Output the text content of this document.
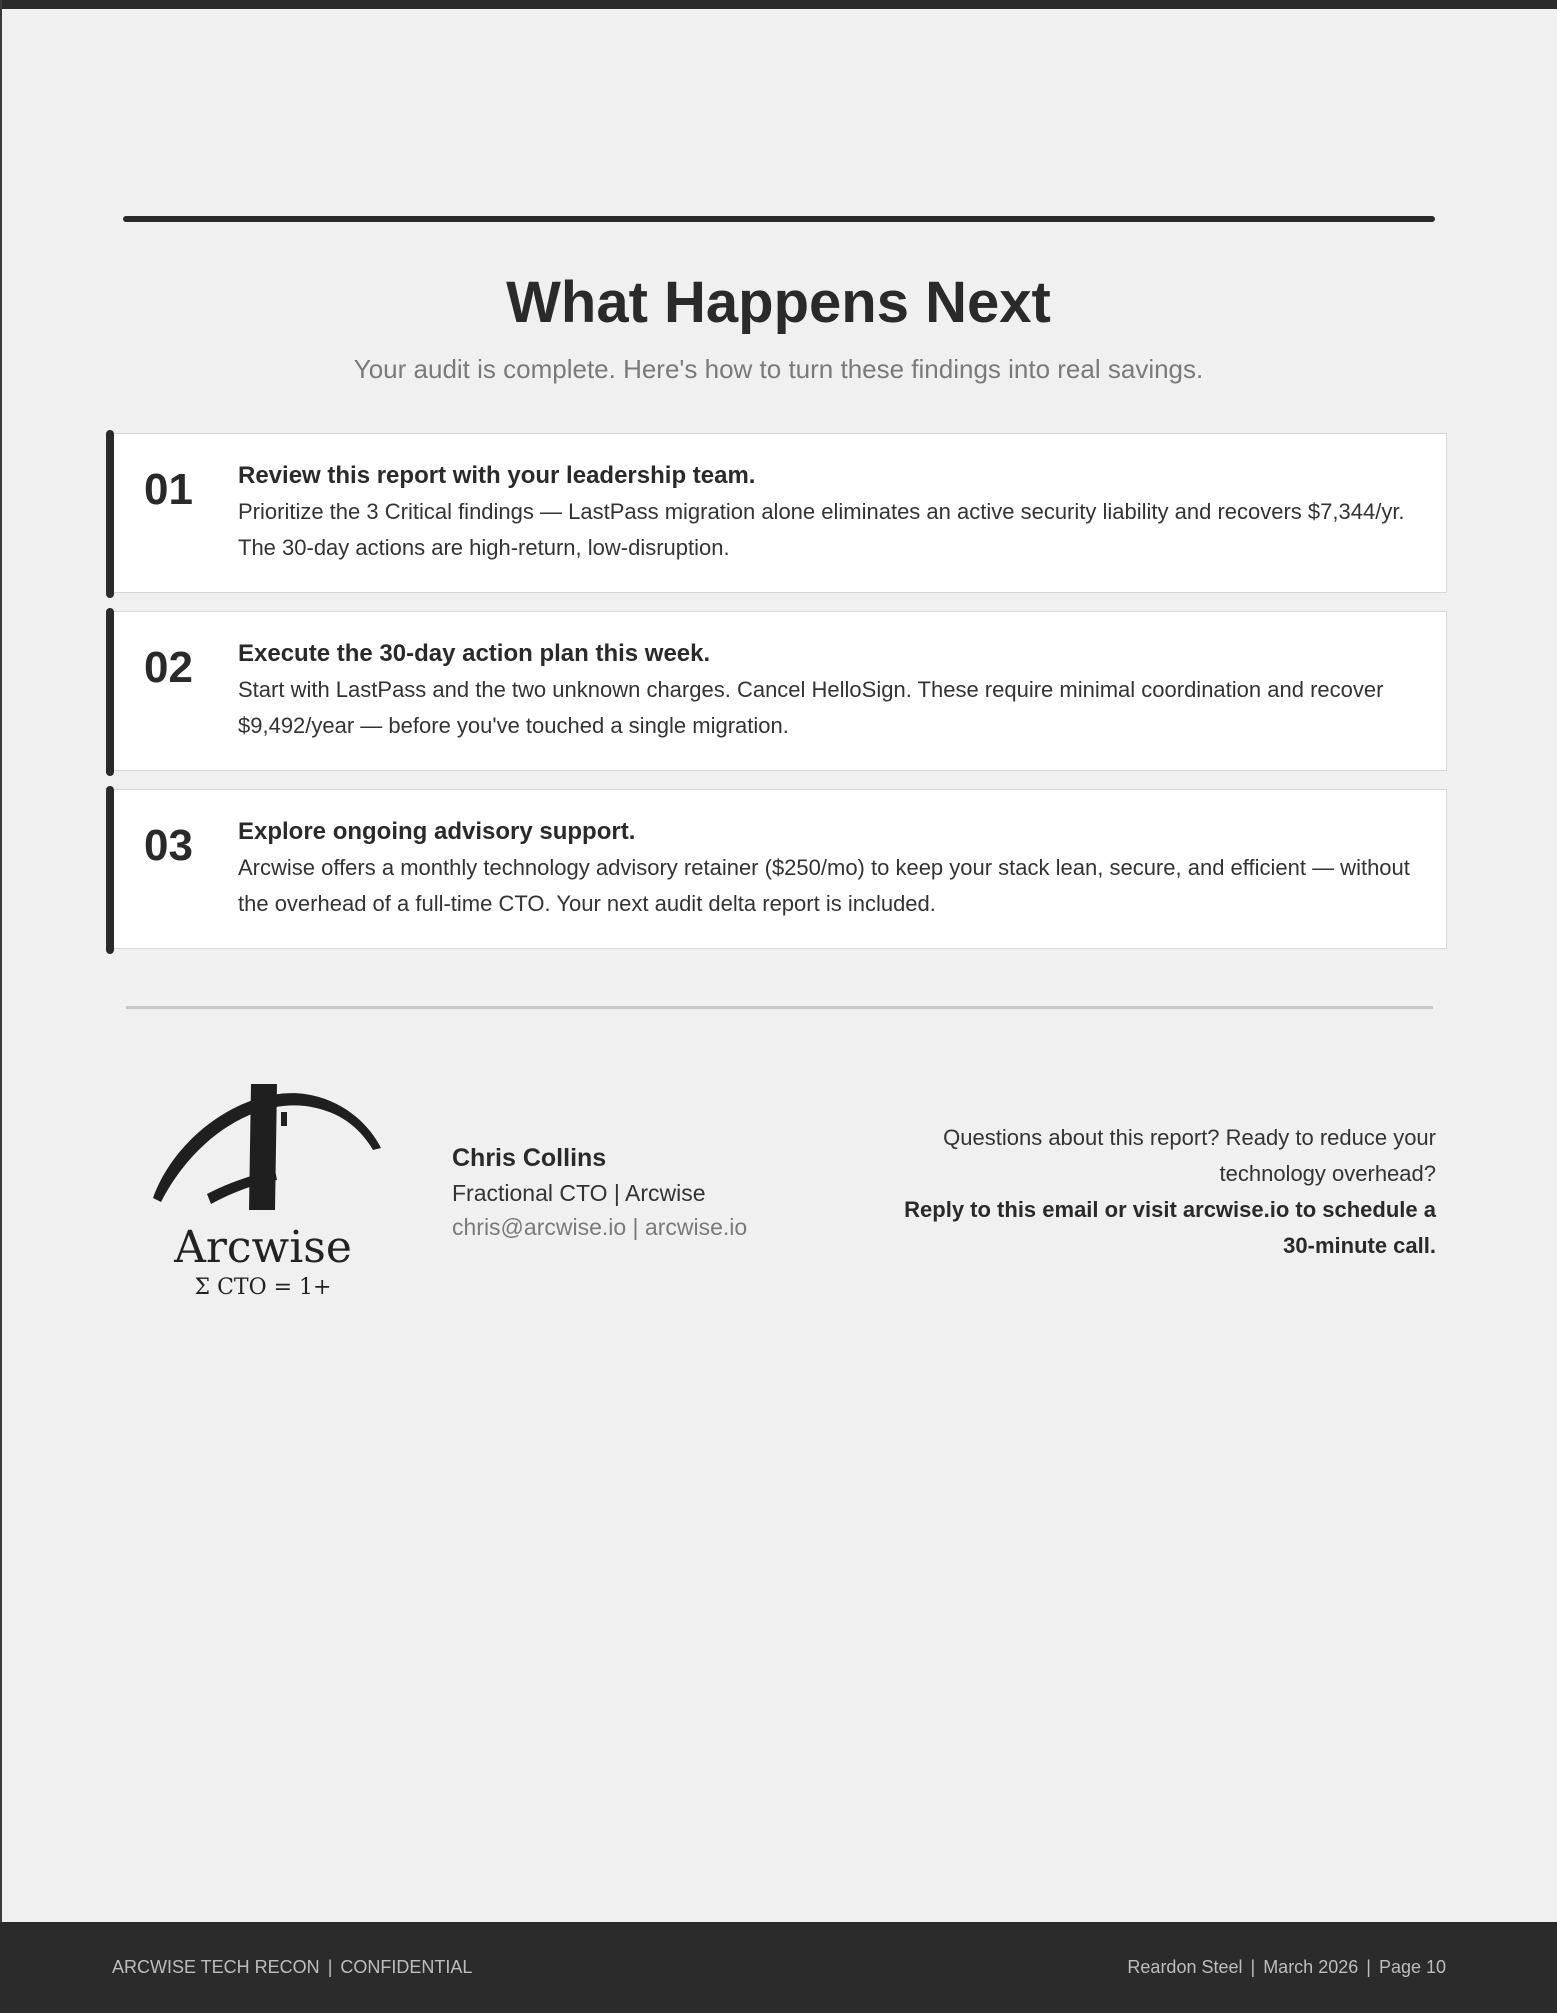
What Happens Next
Your audit is complete. Here's how to turn these findings into real savings.
01 Review this report with your leadership team.
Prioritize the 3 Critical findings — LastPass migration alone eliminates an active security liability and recovers $7,344/yr. The 30-day actions are high-return, low-disruption.
02 Execute the 30-day action plan this week.
Start with LastPass and the two unknown charges. Cancel HelloSign. These require minimal coordination and recover $9,492/year — before you've touched a single migration.
03 Explore ongoing advisory support.
Arcwise offers a monthly technology advisory retainer ($250/mo) to keep your stack lean, secure, and efficient — without the overhead of a full-time CTO. Your next audit delta report is included.
Arcwise
Σ CTO = 1+
Chris Collins
Fractional CTO | Arcwise
chris@arcwise.io | arcwise.io
Questions about this report? Ready to reduce your technology overhead?
Reply to this email or visit arcwise.io to schedule a 30-minute call.
ARCWISE TECH RECON | CONFIDENTIAL	Reardon Steel | March 2026 | Page 10
